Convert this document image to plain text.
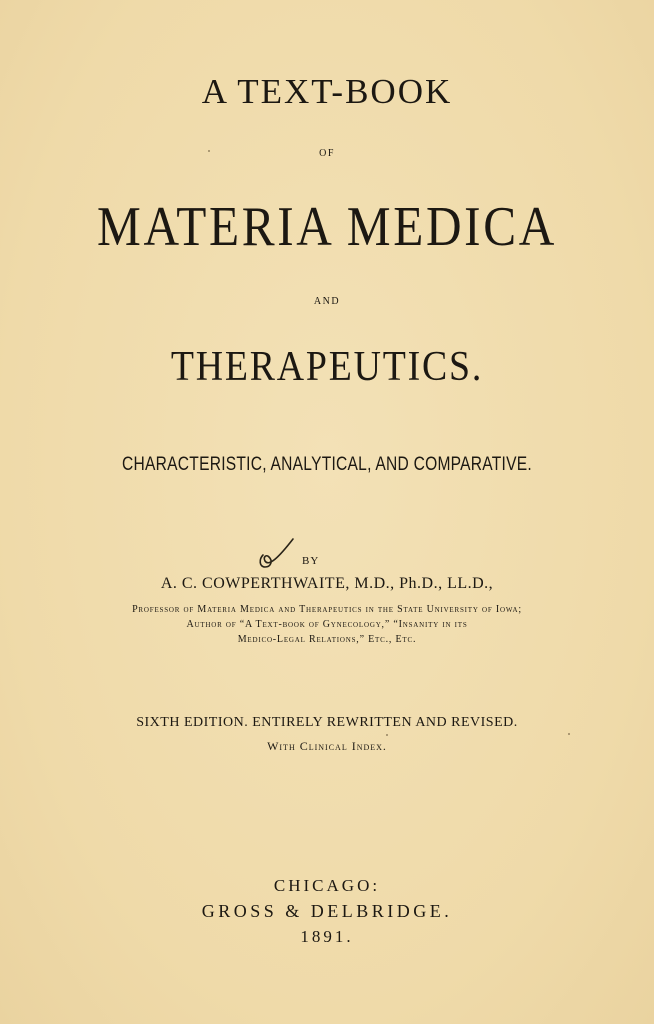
A TEXT-BOOK
OF
MATERIA MEDICA
AND
THERAPEUTICS.
CHARACTERISTIC, ANALYTICAL, AND COMPARATIVE.
BY
A. C. COWPERTHWAITE, M.D., Ph.D., LL.D.,
Professor of Materia Medica and Therapeutics in the State University of Iowa;
Author of “A Text-book of Gynecology,” “Insanity in its
Medico-Legal Relations,” Etc., Etc.
SIXTH EDITION. ENTIRELY REWRITTEN AND REVISED.
With Clinical Index.
CHICAGO:
GROSS & DELBRIDGE.
1891.
